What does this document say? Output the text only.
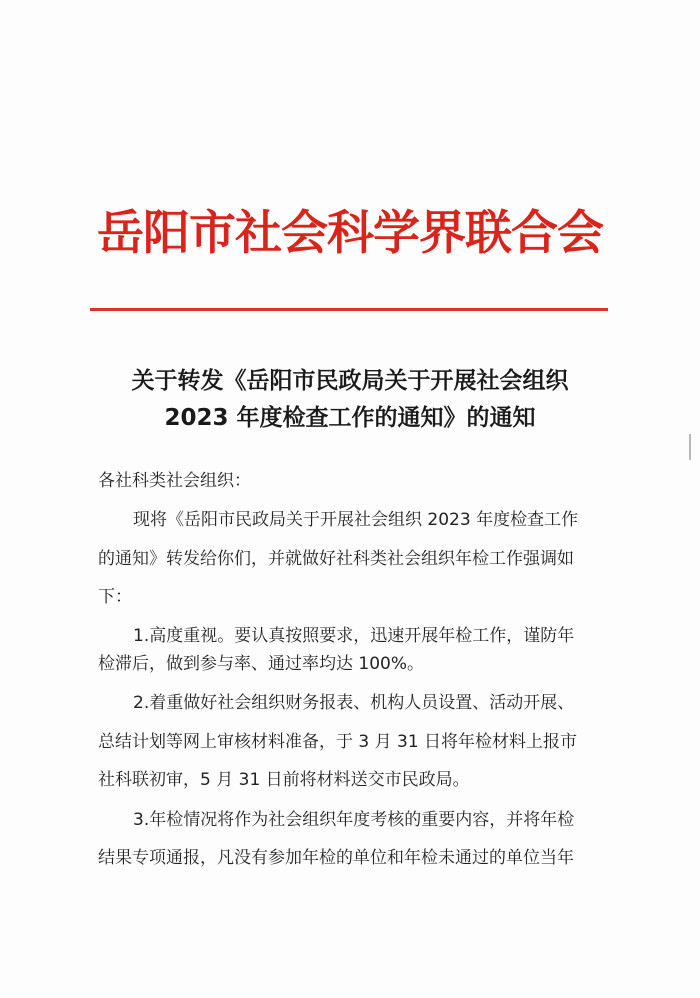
岳阳市社会科学界联合会
关于转发《岳阳市民政局关于开展社会组织
2023 年度检查工作的通知》的通知
各社科类社会组织：
现将《岳阳市民政局关于开展社会组织 2023 年度检查工作
的通知》转发给你们，并就做好社科类社会组织年检工作强调如
下：
1.高度重视。要认真按照要求，迅速开展年检工作，谨防年
检滞后，做到参与率、通过率均达 100%。
2.着重做好社会组织财务报表、机构人员设置、活动开展、
总结计划等网上审核材料准备，于 3 月 31 日将年检材料上报市
社科联初审，5 月 31 日前将材料送交市民政局。
3.年检情况将作为社会组织年度考核的重要内容，并将年检
结果专项通报，凡没有参加年检的单位和年检未通过的单位当年
